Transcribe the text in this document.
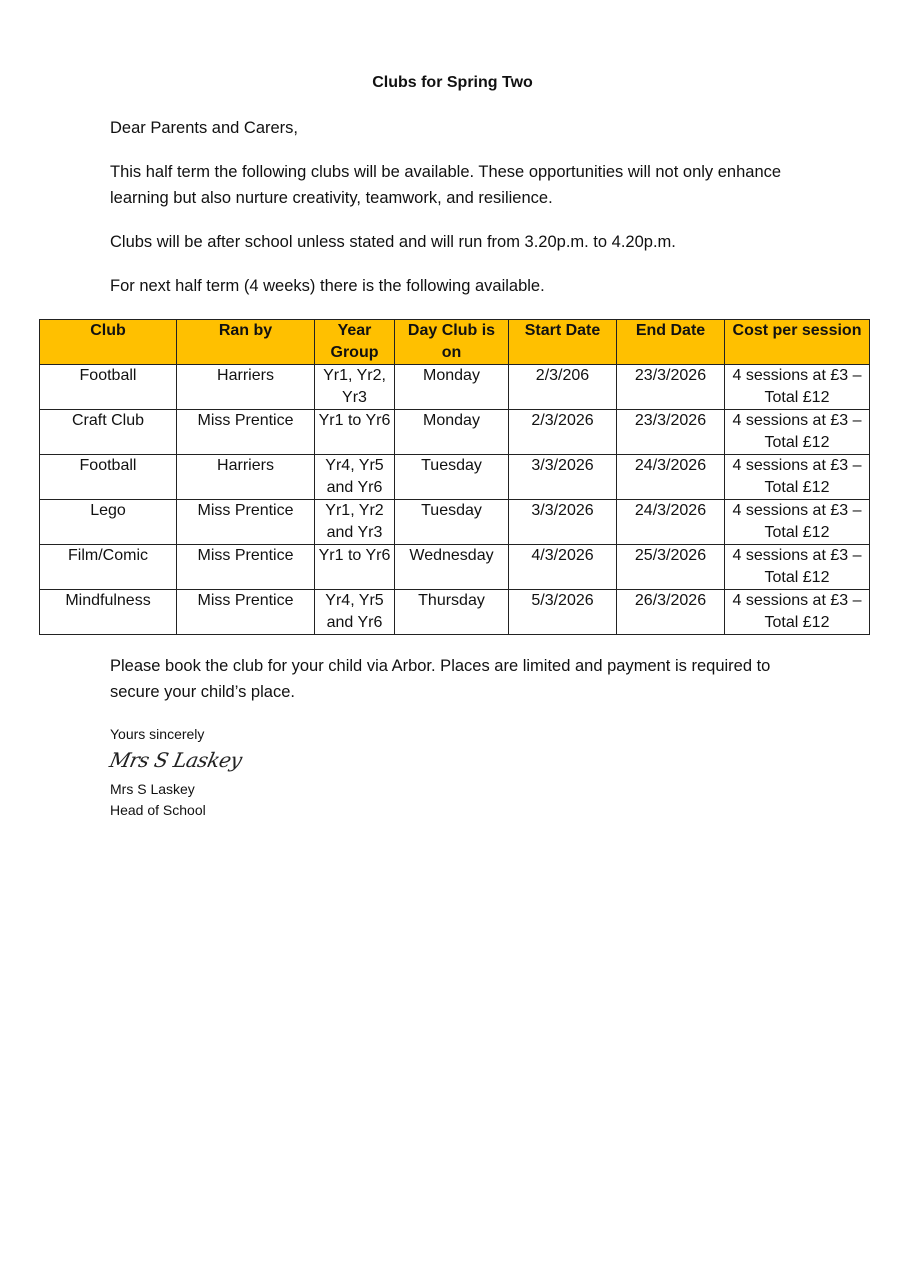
Clubs for Spring Two

Dear Parents and Carers,

This half term the following clubs will be available. These opportunities will not only enhance learning but also nurture creativity, teamwork, and resilience.

Clubs will be after school unless stated and will run from 3.20p.m. to 4.20p.m.

For next half term (4 weeks) there is the following available.

Club	Ran by	Year Group	Day Club is on	Start Date	End Date	Cost per session
Football	Harriers	Yr1, Yr2, Yr3	Monday	2/3/206	23/3/2026	4 sessions at £3 – Total £12
Craft Club	Miss Prentice	Yr1 to Yr6	Monday	2/3/2026	23/3/2026	4 sessions at £3 – Total £12
Football	Harriers	Yr4, Yr5 and Yr6	Tuesday	3/3/2026	24/3/2026	4 sessions at £3 – Total £12
Lego	Miss Prentice	Yr1, Yr2 and Yr3	Tuesday	3/3/2026	24/3/2026	4 sessions at £3 – Total £12
Film/Comic	Miss Prentice	Yr1 to Yr6	Wednesday	4/3/2026	25/3/2026	4 sessions at £3 – Total £12
Mindfulness	Miss Prentice	Yr4, Yr5 and Yr6	Thursday	5/3/2026	26/3/2026	4 sessions at £3 – Total £12

Please book the club for your child via Arbor. Places are limited and payment is required to secure your child’s place.

Yours sincerely
Mrs S Laskey
Mrs S Laskey
Head of School
